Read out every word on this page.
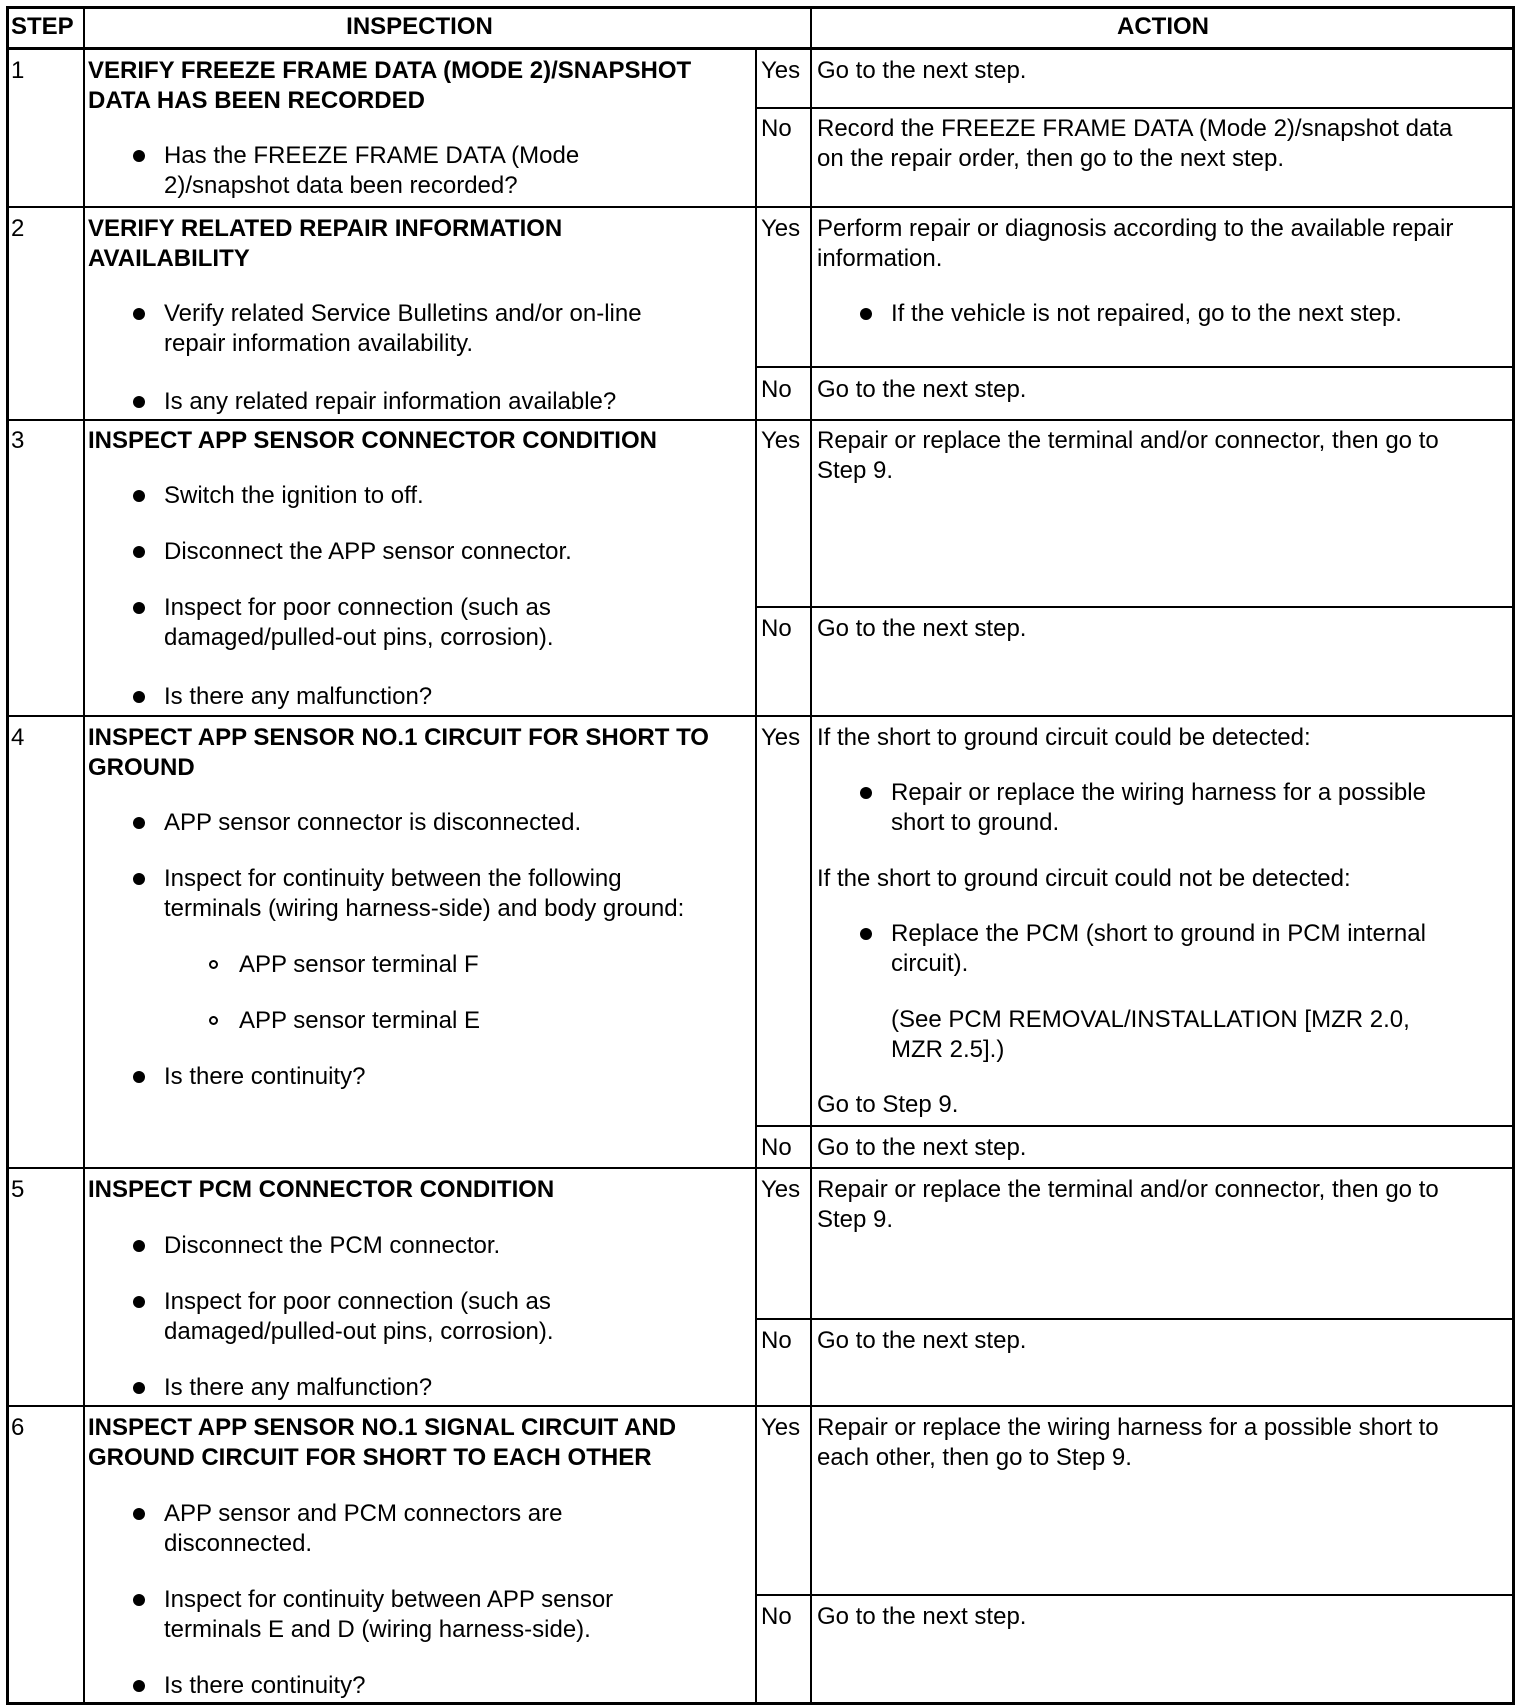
STEP	INSPECTION	ACTION
1	VERIFY FREEZE FRAME DATA (MODE 2)/SNAPSHOT
DATA HAS BEEN RECORDED
Has the FREEZE FRAME DATA (Mode
2)/snapshot data been recorded?
Yes Go to the next step.
No Record the FREEZE FRAME DATA (Mode 2)/snapshot data
on the repair order, then go to the next step.
2	VERIFY RELATED REPAIR INFORMATION
AVAILABILITY
Verify related Service Bulletins and/or on-line
repair information availability.
Is any related repair information available?
Yes Perform repair or diagnosis according to the available repair
information.
If the vehicle is not repaired, go to the next step.
No Go to the next step.
3	INSPECT APP SENSOR CONNECTOR CONDITION
Switch the ignition to off.
Disconnect the APP sensor connector.
Inspect for poor connection (such as
damaged/pulled-out pins, corrosion).
Is there any malfunction?
Yes Repair or replace the terminal and/or connector, then go to
Step 9.
No Go to the next step.
4	INSPECT APP SENSOR NO.1 CIRCUIT FOR SHORT TO
GROUND
APP sensor connector is disconnected.
Inspect for continuity between the following
terminals (wiring harness-side) and body ground:
APP sensor terminal F
APP sensor terminal E
Is there continuity?
Yes If the short to ground circuit could be detected:
Repair or replace the wiring harness for a possible
short to ground.
If the short to ground circuit could not be detected:
Replace the PCM (short to ground in PCM internal
circuit).
(See PCM REMOVAL/INSTALLATION [MZR 2.0,
MZR 2.5].)
Go to Step 9.
No Go to the next step.
5	INSPECT PCM CONNECTOR CONDITION
Disconnect the PCM connector.
Inspect for poor connection (such as
damaged/pulled-out pins, corrosion).
Is there any malfunction?
Yes Repair or replace the terminal and/or connector, then go to
Step 9.
No Go to the next step.
6	INSPECT APP SENSOR NO.1 SIGNAL CIRCUIT AND
GROUND CIRCUIT FOR SHORT TO EACH OTHER
APP sensor and PCM connectors are
disconnected.
Inspect for continuity between APP sensor
terminals E and D (wiring harness-side).
Is there continuity?
Yes Repair or replace the wiring harness for a possible short to
each other, then go to Step 9.
No Go to the next step.
